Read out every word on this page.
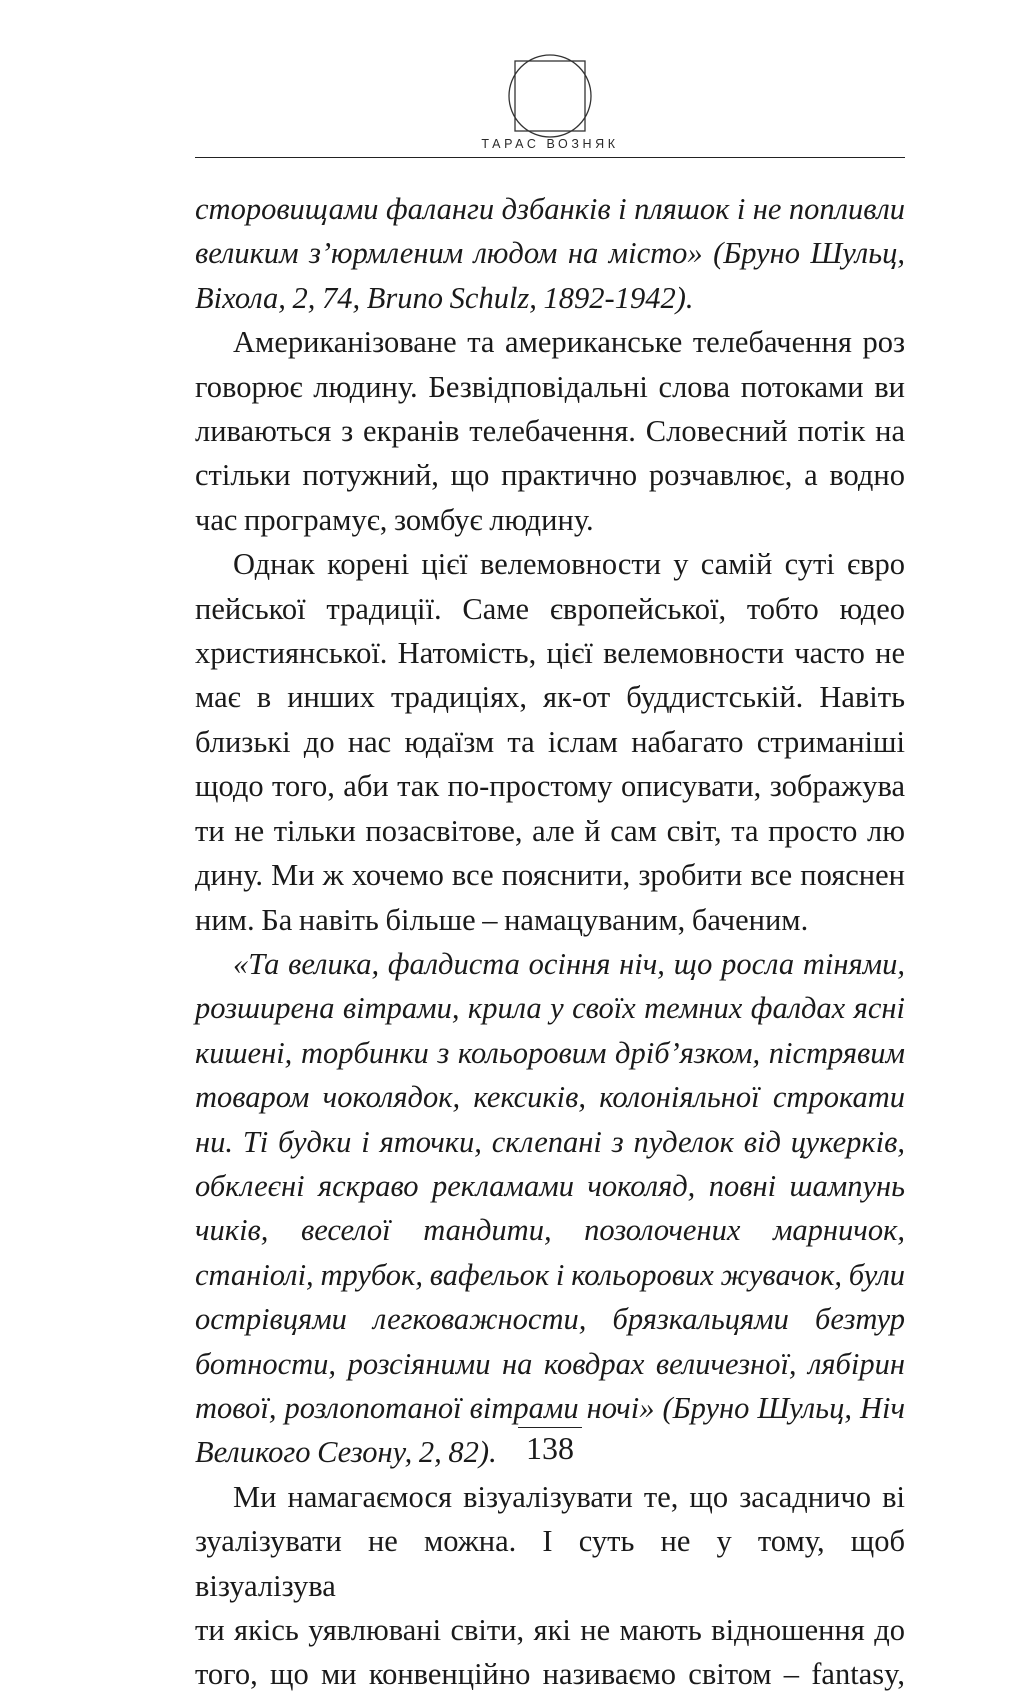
ТАРАС ВОЗНЯК
сторовищами фаланги дзбанків і пляшок і не попливли
великим з’юрмленим людом на місто» (Бруно Шульц,
Віхола, 2, 74, Bruno Schulz, 1892-1942).
Американізоване та американське телебачення роз
говорює людину. Безвідповідальні слова потоками ви
ливаються з екранів телебачення. Словесний потік на
стільки потужний, що практично розчавлює, а водно
час програмує, зомбує людину.
Однак корені цієї велемовности у самій суті євро
пейської традиції. Саме європейської, тобто юдео
християнської. Натомість, цієї велемовности часто не
має в инших традиціях, як-от буддистській. Навіть
близькі до нас юдаїзм та іслам набагато стриманіші
щодо того, аби так по-простому описувати, зображува
ти не тільки позасвітове, але й сам світ, та просто лю
дину. Ми ж хочемо все пояснити, зробити все пояснен
ним. Ба навіть більше – намацуваним, баченим.
«Та велика, фалдиста осіння ніч, що росла тінями,
розширена вітрами, крила у своїх темних фалдах ясні
кишені, торбинки з кольоровим дріб’язком, пістрявим
товаром чоколядок, кексиків, колоніяльної строкати
ни. Ті будки і яточки, склепані з пуделок від цукерків,
обклеєні яскраво рекламами чоколяд, повні шампунь
чиків, веселої тандити, позолочених марничок,
станіолі, трубок, вафельок і кольорових жувачок, були
острівцями легковажности, брязкальцями безтур
ботности, розсіяними на ковдрах величезної, лябірин
тової, розлопотаної вітрами ночі» (Бруно Шульц, Ніч
Великого Сезону, 2, 82).
Ми намагаємося візуалізувати те, що засадничо ві
зуалізувати не можна. І суть не у тому, щоб візуалізува
ти якісь уявлювані світи, які не мають відношення до
того, що ми конвенційно називаємо світом – fantasy,
138
